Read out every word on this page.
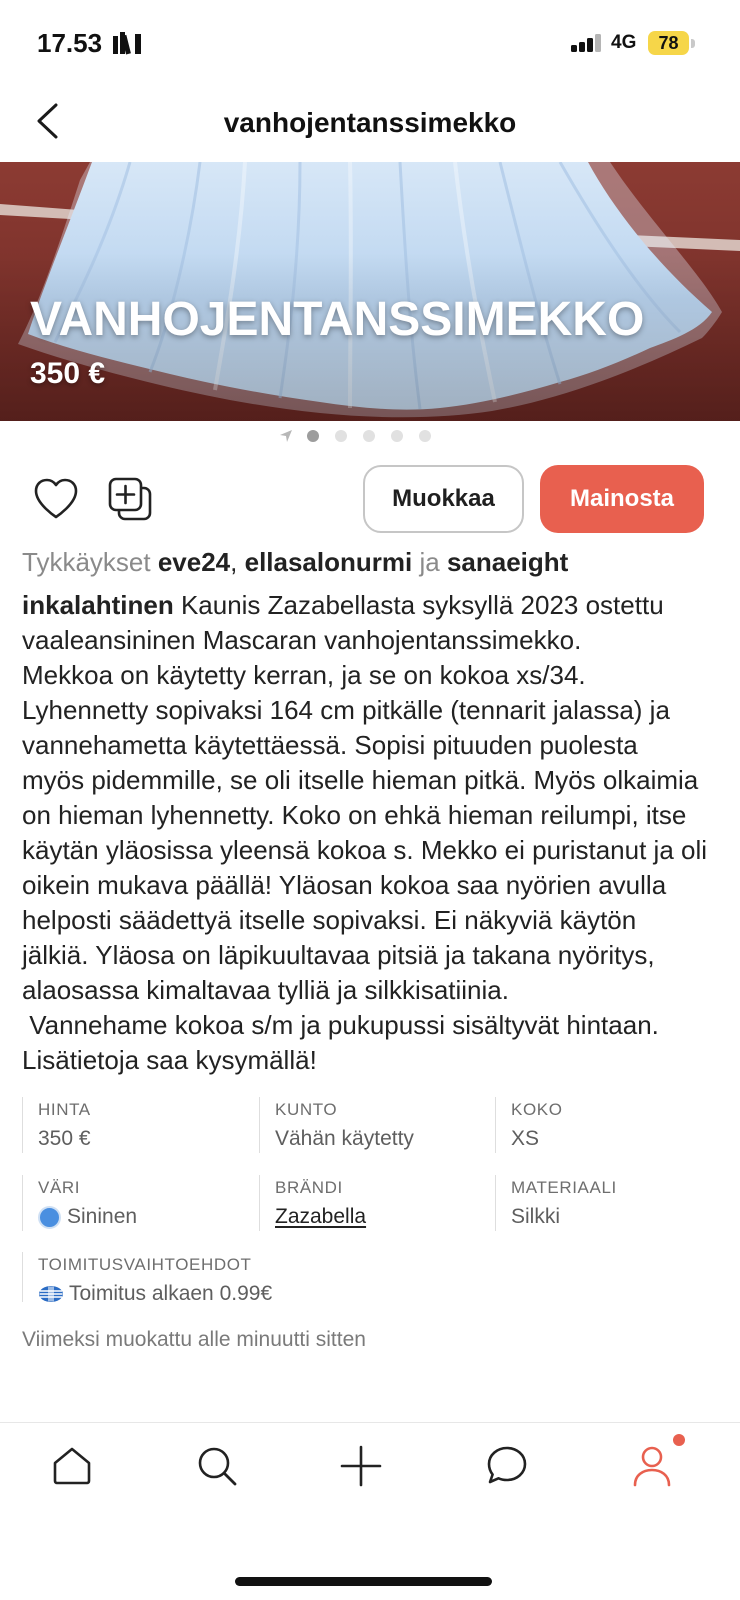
17.53	4G	78
vanhojentanssimekko
VANHOJENTANSSIMEKKO
350 €
Muokkaa	Mainosta
Tykkäykset eve24, ellasalonurmi ja sanaeight
inkalahtinen Kaunis Zazabellasta syksyllä 2023 ostettu
vaaleansininen Mascaran vanhojentanssimekko.
Mekkoa on käytetty kerran, ja se on kokoa xs/34.
Lyhennetty sopivaksi 164 cm pitkälle (tennarit jalassa) ja
vannehametta käytettäessä. Sopisi pituuden puolesta
myös pidemmille, se oli itselle hieman pitkä. Myös olkaimia
on hieman lyhennetty. Koko on ehkä hieman reilumpi, itse
käytän yläosissa yleensä kokoa s. Mekko ei puristanut ja oli
oikein mukava päällä! Yläosan kokoa saa nyörien avulla
helposti säädettyä itselle sopivaksi. Ei näkyviä käytön
jälkiä. Yläosa on läpikuultavaa pitsiä ja takana nyöritys,
alaosassa kimaltavaa tylliä ja silkkisatiinia.
Vannehame kokoa s/m ja pukupussi sisältyvät hintaan.
Lisätietoja saa kysymällä!
HINTA
350 €
KUNTO
Vähän käytetty
KOKO
XS
VÄRI
Sininen
BRÄNDI
Zazabella
MATERIAALI
Silkki
TOIMITUSVAIHTOEHDOT
Toimitus alkaen 0.99€
Viimeksi muokattu alle minuutti sitten
